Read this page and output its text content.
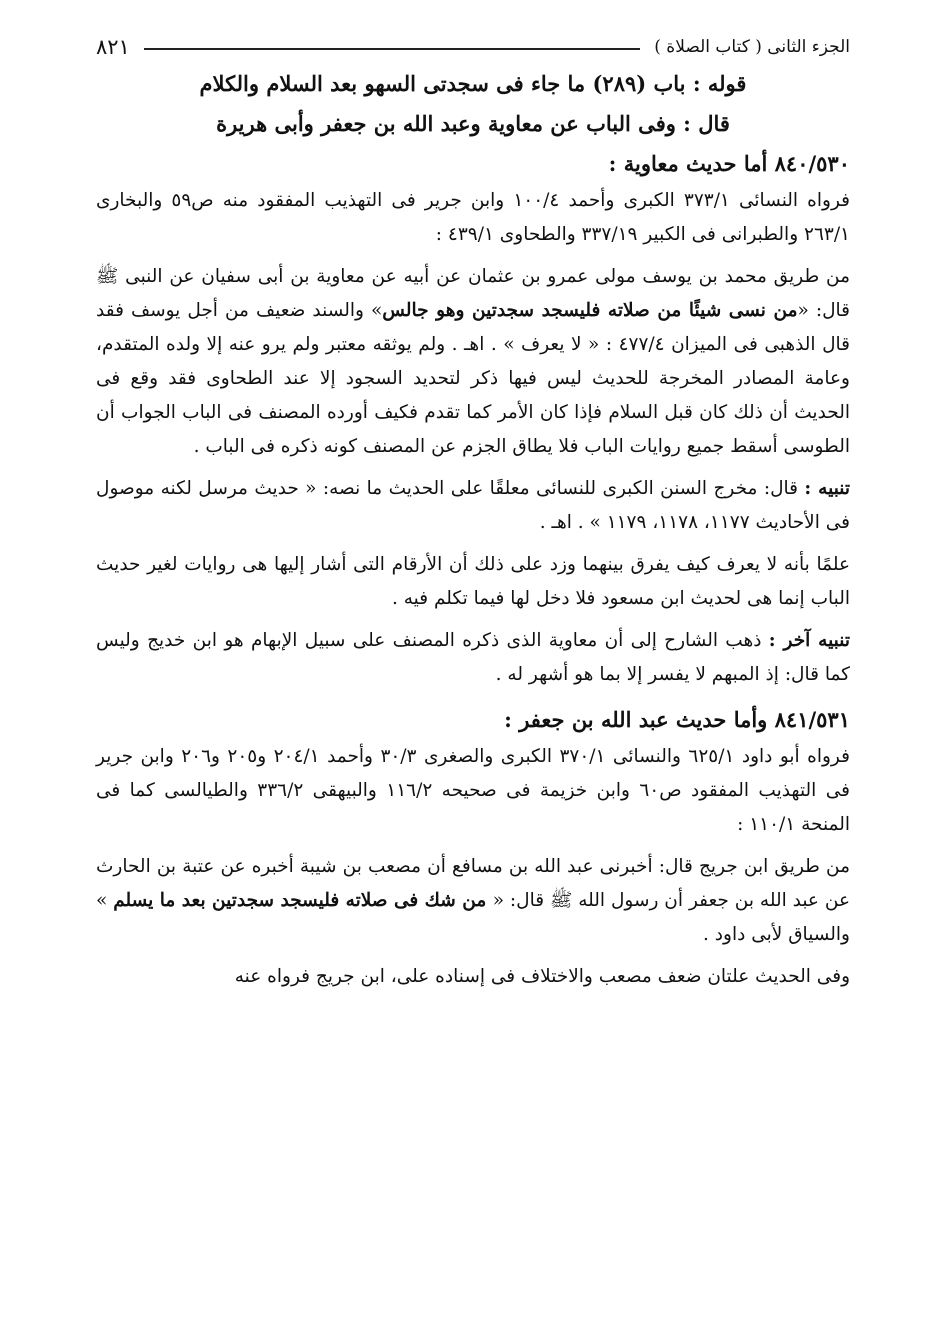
الجزء الثانى ( كتاب الصلاة )
٨٢١
قوله : باب (٢٨٩) ما جاء فى سجدتى السهو بعد السلام والكلام
قال : وفى الباب عن معاوية وعبد الله بن جعفر وأبى هريرة
٨٤٠/٥٣٠ أما حديث معاوية :

فرواه النسائى ٣٧٣/١ الكبرى وأحمد ١٠٠/٤ وابن جرير فى التهذيب المفقود منه ص٥٩ والبخارى ٢٦٣/١ والطبرانى فى الكبير ٣٣٧/١٩ والطحاوى ٤٣٩/١ :

من طريق محمد بن يوسف مولى عمرو بن عثمان عن أبيه عن معاوية بن أبى سفيان عن النبى ﷺ قال: «من نسى شيئًا من صلاته فليسجد سجدتين وهو جالس» والسند ضعيف من أجل يوسف فقد قال الذهبى فى الميزان ٤٧٧/٤ : « لا يعرف » . اهـ . ولم يوثقه معتبر ولم يرو عنه إلا ولده المتقدم، وعامة المصادر المخرجة للحديث ليس فيها ذكر لتحديد السجود إلا عند الطحاوى فقد وقع فى الحديث أن ذلك كان قبل السلام فإذا كان الأمر كما تقدم فكيف أورده المصنف فى الباب الجواب أن الطوسى أسقط جميع روايات الباب فلا يطاق الجزم عن المصنف كونه ذكره فى الباب .

تنبيه : قال: مخرج السنن الكبرى للنسائى معلقًا على الحديث ما نصه: « حديث مرسل لكنه موصول فى الأحاديث ١١٧٧، ١١٧٨، ١١٧٩ » . اهـ .

علمًا بأنه لا يعرف كيف يفرق بينهما وزد على ذلك أن الأرقام التى أشار إليها هى روايات لغير حديث الباب إنما هى لحديث ابن مسعود فلا دخل لها فيما تكلم فيه .

تنبيه آخر : ذهب الشارح إلى أن معاوية الذى ذكره المصنف على سبيل الإبهام هو ابن خديج وليس كما قال: إذ المبهم لا يفسر إلا بما هو أشهر له .

٨٤١/٥٣١ وأما حديث عبد الله بن جعفر :

فرواه أبو داود ٦٢٥/١ والنسائى ٣٧٠/١ الكبرى والصغرى ٣٠/٣ وأحمد ٢٠٤/١ و٢٠٥ و٢٠٦ وابن جرير فى التهذيب المفقود ص٦٠ وابن خزيمة فى صحيحه ١١٦/٢ والبيهقى ٣٣٦/٢ والطيالسى كما فى المنحة ١١٠/١ :

من طريق ابن جريج قال: أخبرنى عبد الله بن مسافع أن مصعب بن شيبة أخبره عن عتبة بن الحارث عن عبد الله بن جعفر أن رسول الله ﷺ قال: « من شك فى صلاته فليسجد سجدتين بعد ما يسلم » والسياق لأبى داود .

وفى الحديث علتان ضعف مصعب والاختلاف فى إسناده على، ابن جريج فرواه عنه
